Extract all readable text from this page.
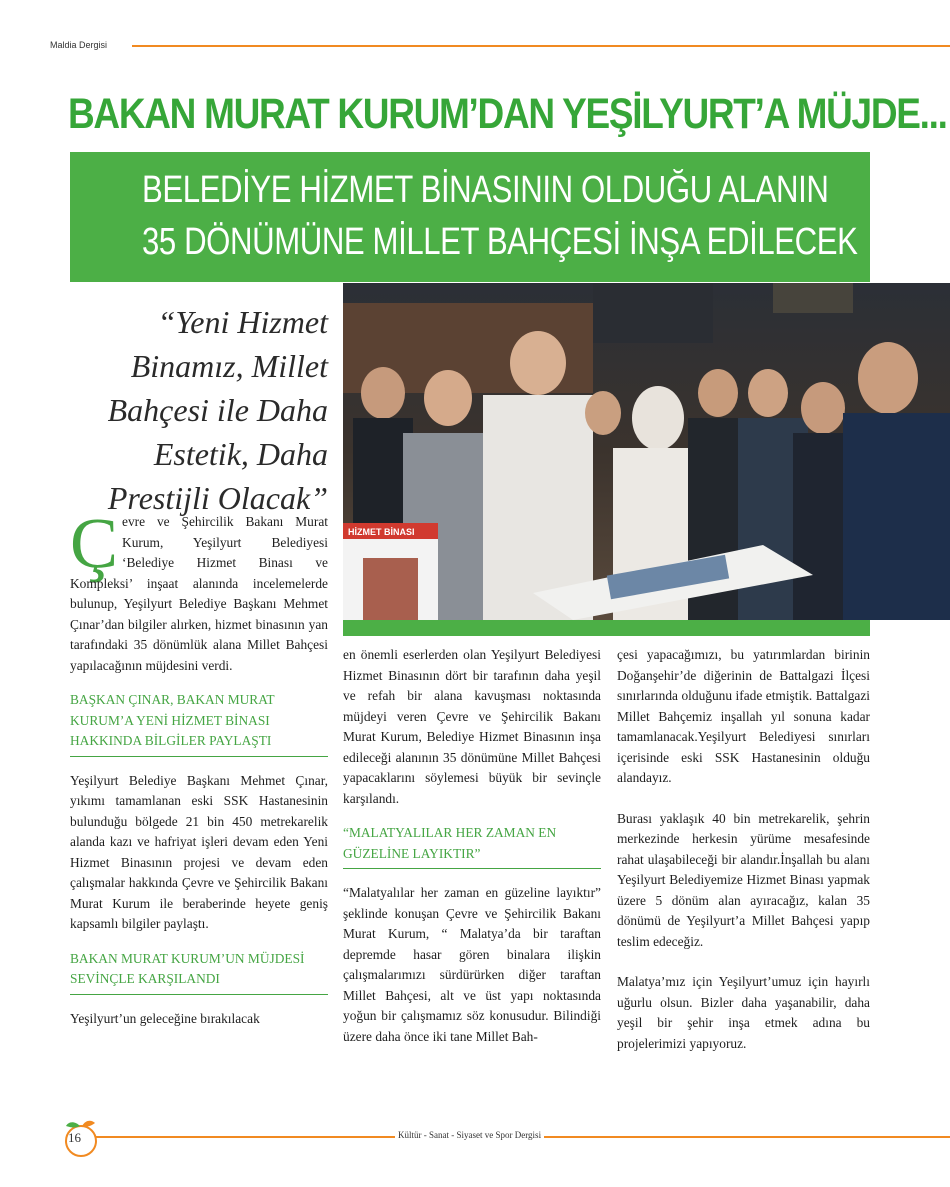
Maldia Dergisi
BAKAN MURAT KURUM’DAN YEŞİLYURT’A MÜJDE...
BELEDİYE HİZMET BİNASININ OLDUĞU ALANIN
35 DÖNÜMÜNE MİLLET BAHÇESİ İNŞA EDİLECEK
HİZMET BİNASI
“Yeni Hizmet Binamız, Millet Bahçesi ile Daha Estetik, Daha Prestijli Olacak”
Çevre ve Şehircilik Bakanı Murat Kurum, Yeşilyurt Belediyesi ‘Belediye Hizmet Binası ve Kompleksi’ inşaat alanında incelemelerde bulunup, Yeşilyurt Belediye Başkanı Mehmet Çınar’dan bilgiler alırken, hizmet binasının yan tarafındaki 35 dönümlük alana Millet Bahçesi yapılacağının müjdesini verdi.
BAŞKAN ÇINAR, BAKAN MURAT KURUM’A YENİ HİZMET BİNASI HAKKINDA BİLGİLER PAYLAŞTI
Yeşilyurt Belediye Başkanı Mehmet Çınar, yıkımı tamamlanan eski SSK Hastanesinin bulunduğu bölgede 21 bin 450 metrekarelik alanda kazı ve hafriyat işleri devam eden Yeni Hizmet Binasının projesi ve devam eden çalışmalar hakkında Çevre ve Şehircilik Bakanı Murat Kurum ile beraberinde heyete geniş kapsamlı bilgiler paylaştı.
BAKAN MURAT KURUM’UN MÜJDESİ SEVİNÇLE KARŞILANDI
Yeşilyurt’un geleceğine bırakılacak
en önemli eserlerden olan Yeşilyurt Belediyesi Hizmet Binasının dört bir tarafının daha yeşil ve refah bir alana kavuşması noktasında müjdeyi veren Çevre ve Şehircilik Bakanı Murat Kurum, Belediye Hizmet Binasının inşa edileceği alanının 35 dönümüne Millet Bahçesi yapacaklarını söylemesi büyük bir sevinçle karşılandı.
“MALATYALILAR HER ZAMAN EN GÜZELİNE LAYIKTIR”
“Malatyalılar her zaman en güzeline layıktır” şeklinde konuşan Çevre ve Şehircilik Bakanı Murat Kurum, “ Malatya’da bir taraftan depremde hasar gören binalara ilişkin çalışmalarımızı sürdürürken diğer taraftan Millet Bahçesi, alt ve üst yapı noktasında yoğun bir çalışmamız söz konusudur. Bilindiği üzere daha önce iki tane Millet Bah-
çesi yapacağımızı, bu yatırımlardan birinin Doğanşehir’de diğerinin de Battalgazi İlçesi sınırlarında olduğunu ifade etmiştik. Battalgazi Millet Bahçemiz inşallah yıl sonuna kadar tamamlanacak.Yeşilyurt Belediyesi sınırları içerisinde eski SSK Hastanesinin olduğu alandayız.
Burası yaklaşık 40 bin metrekarelik, şehrin merkezinde herkesin yürüme mesafesinde rahat ulaşabileceği bir alandır.İnşallah bu alanı Yeşilyurt Belediyemize Hizmet Binası yapmak üzere 5 dönüm alan ayıracağız, kalan 35 dönümü de Yeşilyurt’a Millet Bahçesi yapıp teslim edeceğiz.
Malatya’mız için Yeşilyurt’umuz için hayırlı uğurlu olsun. Bizler daha yaşanabilir, daha yeşil bir şehir inşa etmek adına bu projelerimizi yapıyoruz.
16	Kültür - Sanat - Siyaset ve Spor Dergisi
